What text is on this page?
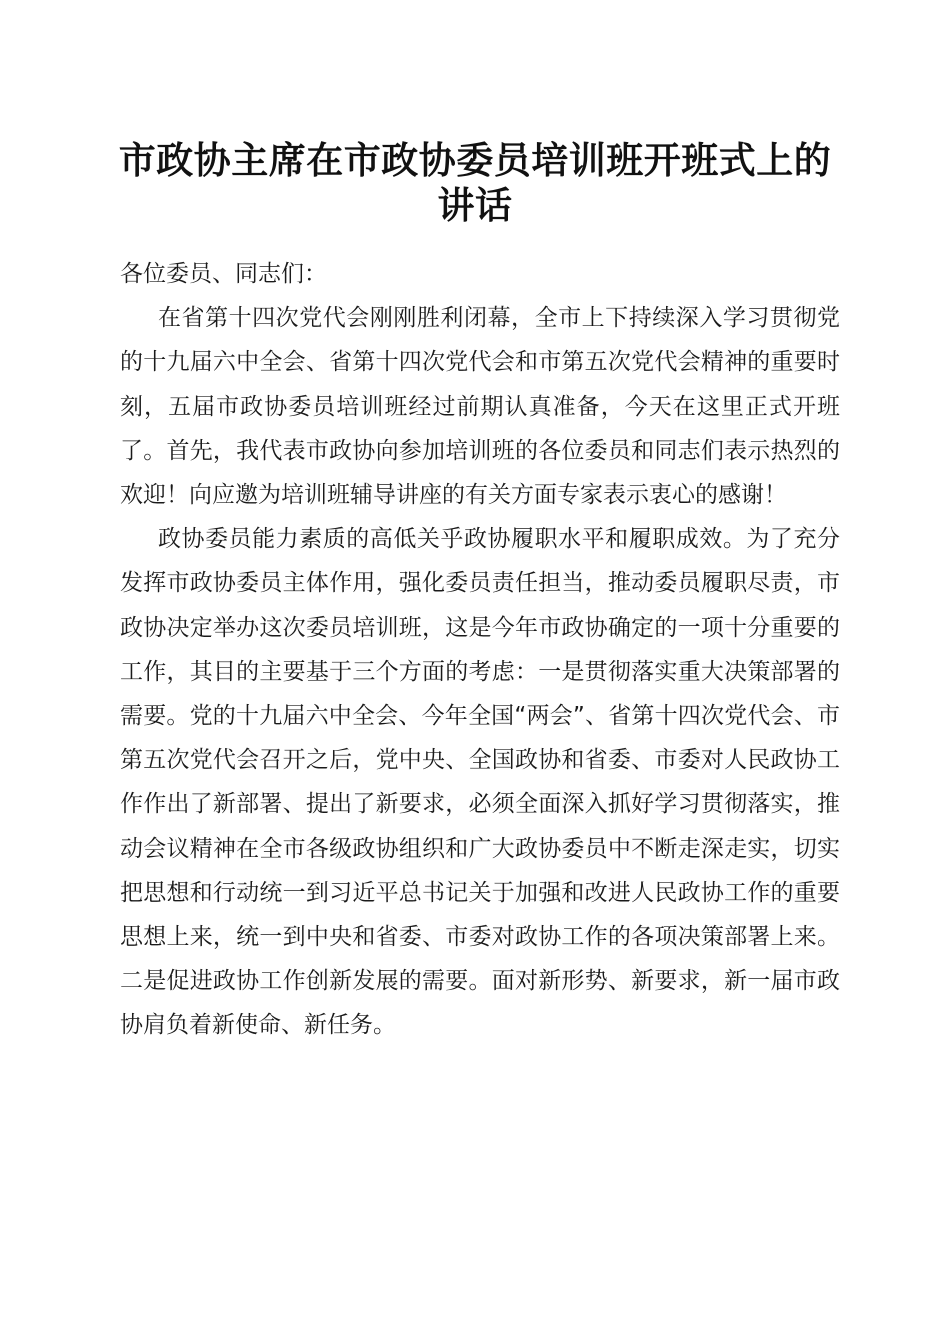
市政协主席在市政协委员培训班开班式上的讲话

各位委员、同志们：

在省第十四次党代会刚刚胜利闭幕，全市上下持续深入学习贯彻党的十九届六中全会、省第十四次党代会和市第五次党代会精神的重要时刻，五届市政协委员培训班经过前期认真准备，今天在这里正式开班了。首先，我代表市政协向参加培训班的各位委员和同志们表示热烈的欢迎！向应邀为培训班辅导讲座的有关方面专家表示衷心的感谢！

政协委员能力素质的高低关乎政协履职水平和履职成效。为了充分发挥市政协委员主体作用，强化委员责任担当，推动委员履职尽责，市政协决定举办这次委员培训班，这是今年市政协确定的一项十分重要的工作，其目的主要基于三个方面的考虑：一是贯彻落实重大决策部署的需要。党的十九届六中全会、今年全国“两会”、省第十四次党代会、市第五次党代会召开之后，党中央、全国政协和省委、市委对人民政协工作作出了新部署、提出了新要求，必须全面深入抓好学习贯彻落实，推动会议精神在全市各级政协组织和广大政协委员中不断走深走实，切实把思想和行动统一到习近平总书记关于加强和改进人民政协工作的重要思想上来，统一到中央和省委、市委对政协工作的各项决策部署上来。二是促进政协工作创新发展的需要。面对新形势、新要求，新一届市政协肩负着新使命、新任务。
